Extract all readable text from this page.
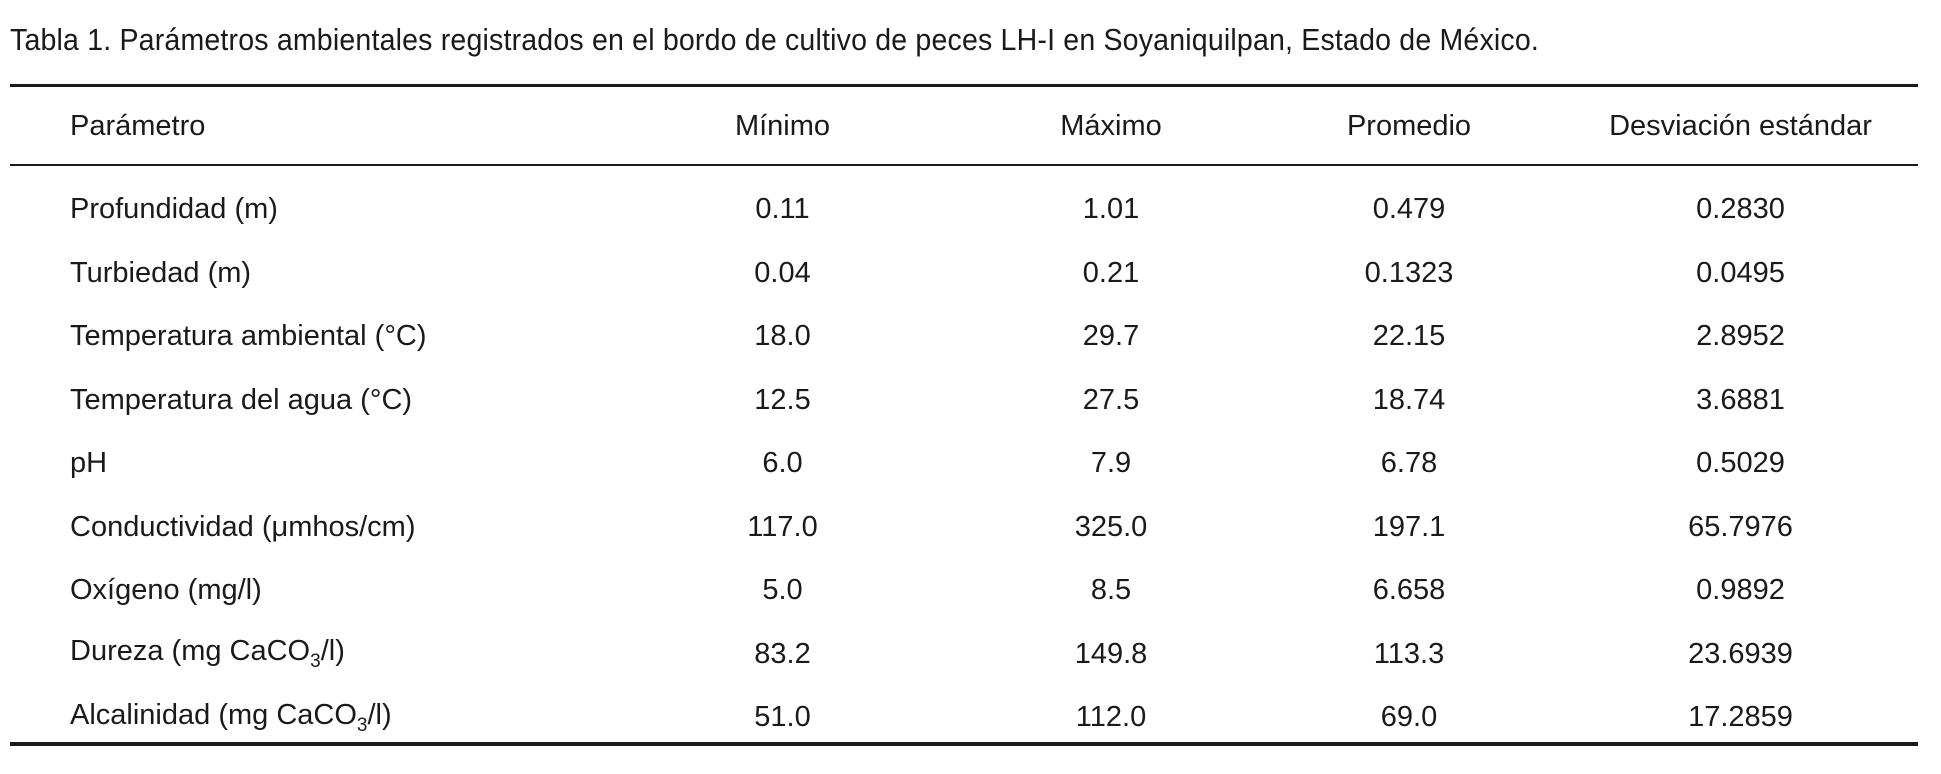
Tabla 1. Parámetros ambientales registrados en el bordo de cultivo de peces LH-I en Soyaniquilpan, Estado de México.
Parámetro	Mínimo	Máximo	Promedio	Desviación estándar
Profundidad (m)	0.11	1.01	0.479	0.2830
Turbiedad (m)	0.04	0.21	0.1323	0.0495
Temperatura ambiental (°C)	18.0	29.7	22.15	2.8952
Temperatura del agua (°C)	12.5	27.5	18.74	3.6881
pH	6.0	7.9	6.78	0.5029
Conductividad (μmhos/cm)	117.0	325.0	197.1	65.7976
Oxígeno (mg/l)	5.0	8.5	6.658	0.9892
Dureza (mg CaCO$_3$/l)	83.2	149.8	113.3	23.6939
Alcalinidad (mg CaCO$_3$/l)	51.0	112.0	69.0	17.2859
